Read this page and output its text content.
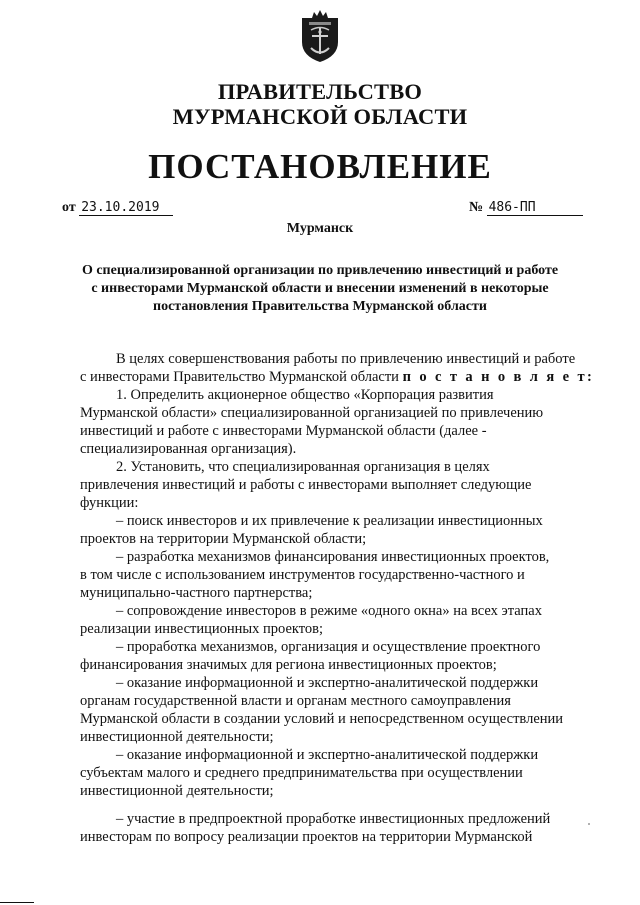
ПРАВИТЕЛЬСТВО
МУРМАНСКОЙ ОБЛАСТИ
ПОСТАНОВЛЕНИЕ
от 23.10.2019	№ 486-ПП
Мурманск
О специализированной организации по привлечению инвестиций и работе
с инвесторами Мурманской области и внесении изменений в некоторые
постановления Правительства Мурманской области
В целях совершенствования работы по привлечению инвестиций и работе
с инвесторами Правительство Мурманской области п о с т а н о в л я е т:
1. Определить акционерное общество «Корпорация развития
Мурманской области» специализированной организацией по привлечению
инвестиций и работе с инвесторами Мурманской области (далее -
специализированная организация).
2. Установить, что специализированная организация в целях
привлечения инвестиций и работы с инвесторами выполняет следующие
функции:
– поиск инвесторов и их привлечение к реализации инвестиционных
проектов на территории Мурманской области;
– разработка механизмов финансирования инвестиционных проектов,
в том числе с использованием инструментов государственно-частного и
муниципально-частного партнерства;
– сопровождение инвесторов в режиме «одного окна» на всех этапах
реализации инвестиционных проектов;
– проработка механизмов, организация и осуществление проектного
финансирования значимых для региона инвестиционных проектов;
– оказание информационной и экспертно-аналитической поддержки
органам государственной власти и органам местного самоуправления
Мурманской области в создании условий и непосредственном осуществлении
инвестиционной деятельности;
– оказание информационной и экспертно-аналитической поддержки
субъектам малого и среднего предпринимательства при осуществлении
инвестиционной деятельности;
– участие в предпроектной проработке инвестиционных предложений
инвесторам по вопросу реализации проектов на территории Мурманской
